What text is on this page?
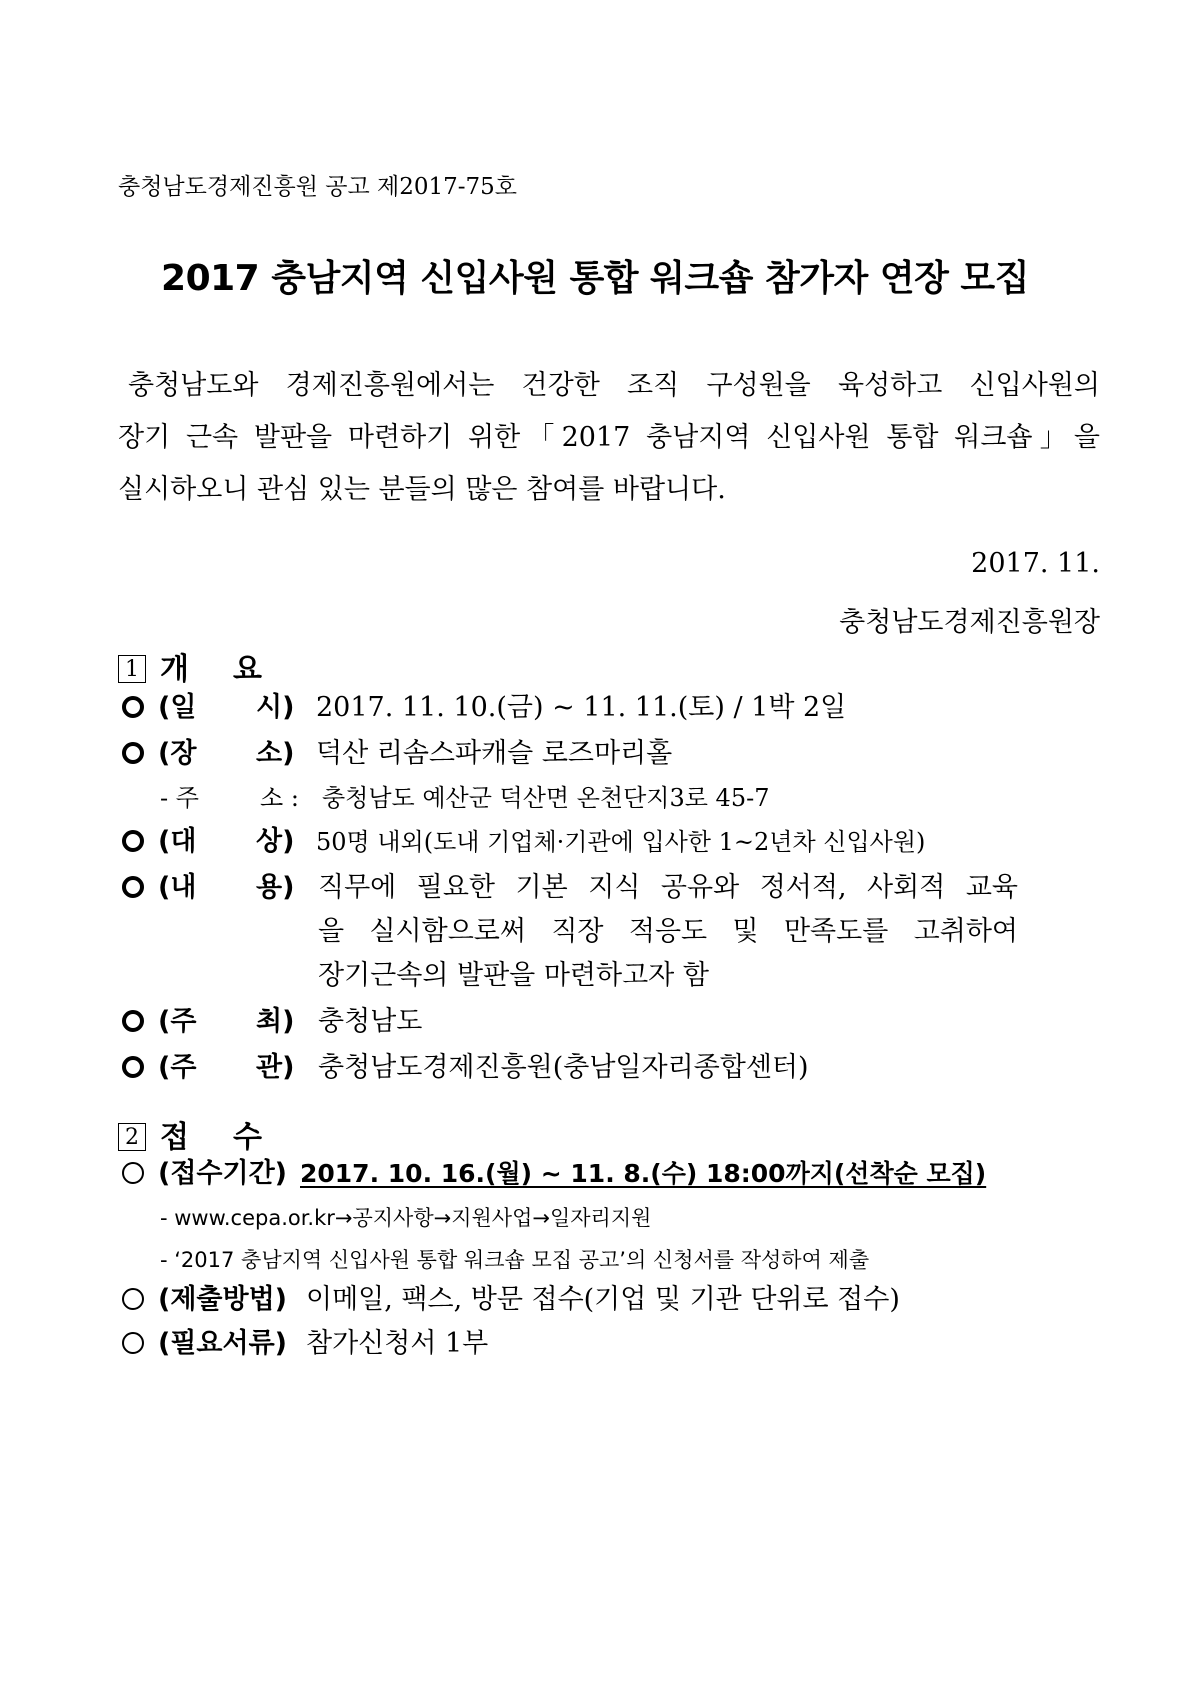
충청남도경제진흥원 공고 제2017-75호
2017 충남지역 신입사원 통합 워크숍 참가자 연장 모집
충청남도와 경제진흥원에서는 건강한 조직 구성원을 육성하고 신입사원의
장기 근속 발판을 마련하기 위한「2017 충남지역 신입사원 통합 워크숍」을
실시하오니 관심 있는 분들의 많은 참여를 바랍니다.
2017. 11.
충청남도경제진흥원장
1 개요
(일 시) 2017. 11. 10.(금) ~ 11. 11.(토) / 1박 2일
(장 소) 덕산 리솜스파캐슬 로즈마리홀
- 주	소 : 충청남도 예산군 덕산면 온천단지3로 45-7
(대 상) 50명 내외(도내 기업체·기관에 입사한 1~2년차 신입사원)
(내 용) 직무에 필요한 기본 지식 공유와 정서적, 사회적 교육
을 실시함으로써 직장 적응도 및 만족도를 고취하여
장기근속의 발판을 마련하고자 함
(주 최) 충청남도
(주 관) 충청남도경제진흥원(충남일자리종합센터)
2 접수
(접수기간) 2017. 10. 16.(월) ~ 11. 8.(수) 18:00까지(선착순 모집)
- www.cepa.or.kr→공지사항→지원사업→일자리지원
- ‘2017 충남지역 신입사원 통합 워크숍 모집 공고’의 신청서를 작성하여 제출
(제출방법) 이메일, 팩스, 방문 접수(기업 및 기관 단위로 접수)
(필요서류) 참가신청서 1부
